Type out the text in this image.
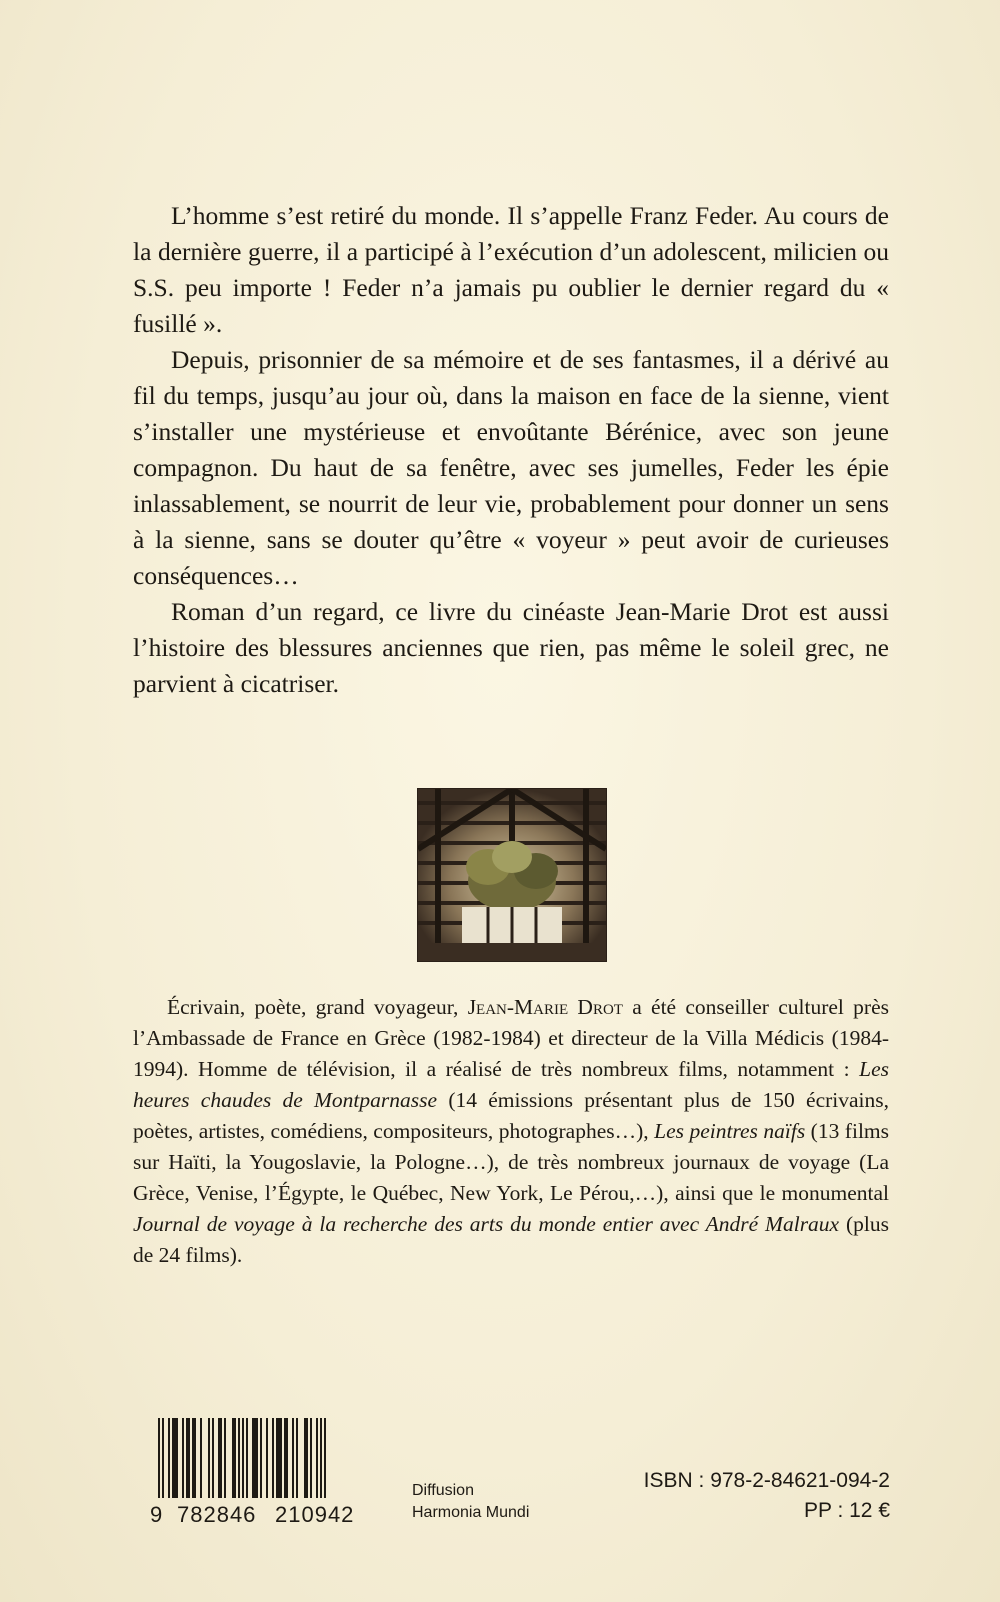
L’homme s’est retiré du monde. Il s’appelle Franz Feder. Au cours de la dernière guerre, il a participé à l’exécution d’un adolescent, milicien ou S.S. peu importe ! Feder n’a jamais pu oublier le dernier regard du « fusillé ».

Depuis, prisonnier de sa mémoire et de ses fantasmes, il a dérivé au fil du temps, jusqu’au jour où, dans la maison en face de la sienne, vient s’installer une mystérieuse et envoûtante Bérénice, avec son jeune compagnon. Du haut de sa fenêtre, avec ses jumelles, Feder les épie inlassablement, se nourrit de leur vie, probablement pour donner un sens à la sienne, sans se douter qu’être « voyeur » peut avoir de curieuses conséquences…

Roman d’un regard, ce livre du cinéaste Jean-Marie Drot est aussi l’histoire des blessures anciennes que rien, pas même le soleil grec, ne parvient à cicatriser.

Écrivain, poète, grand voyageur, Jean-Marie Drot a été conseiller culturel près l’Ambassade de France en Grèce (1982-1984) et directeur de la Villa Médicis (1984-1994). Homme de télévision, il a réalisé de très nombreux films, notamment : Les heures chaudes de Montparnasse (14 émissions présentant plus de 150 écrivains, poètes, artistes, comédiens, compositeurs, photographes…), Les peintres naïfs (13 films sur Haïti, la Yougoslavie, la Pologne…), de très nombreux journaux de voyage (La Grèce, Venise, l’Égypte, le Québec, New York, Le Pérou,…), ainsi que le monumental Journal de voyage à la recherche des arts du monde entier avec André Malraux (plus de 24 films).

9 782846 210942
Diffusion
Harmonia Mundi
ISBN : 978-2-84621-094-2
PP : 12 €
